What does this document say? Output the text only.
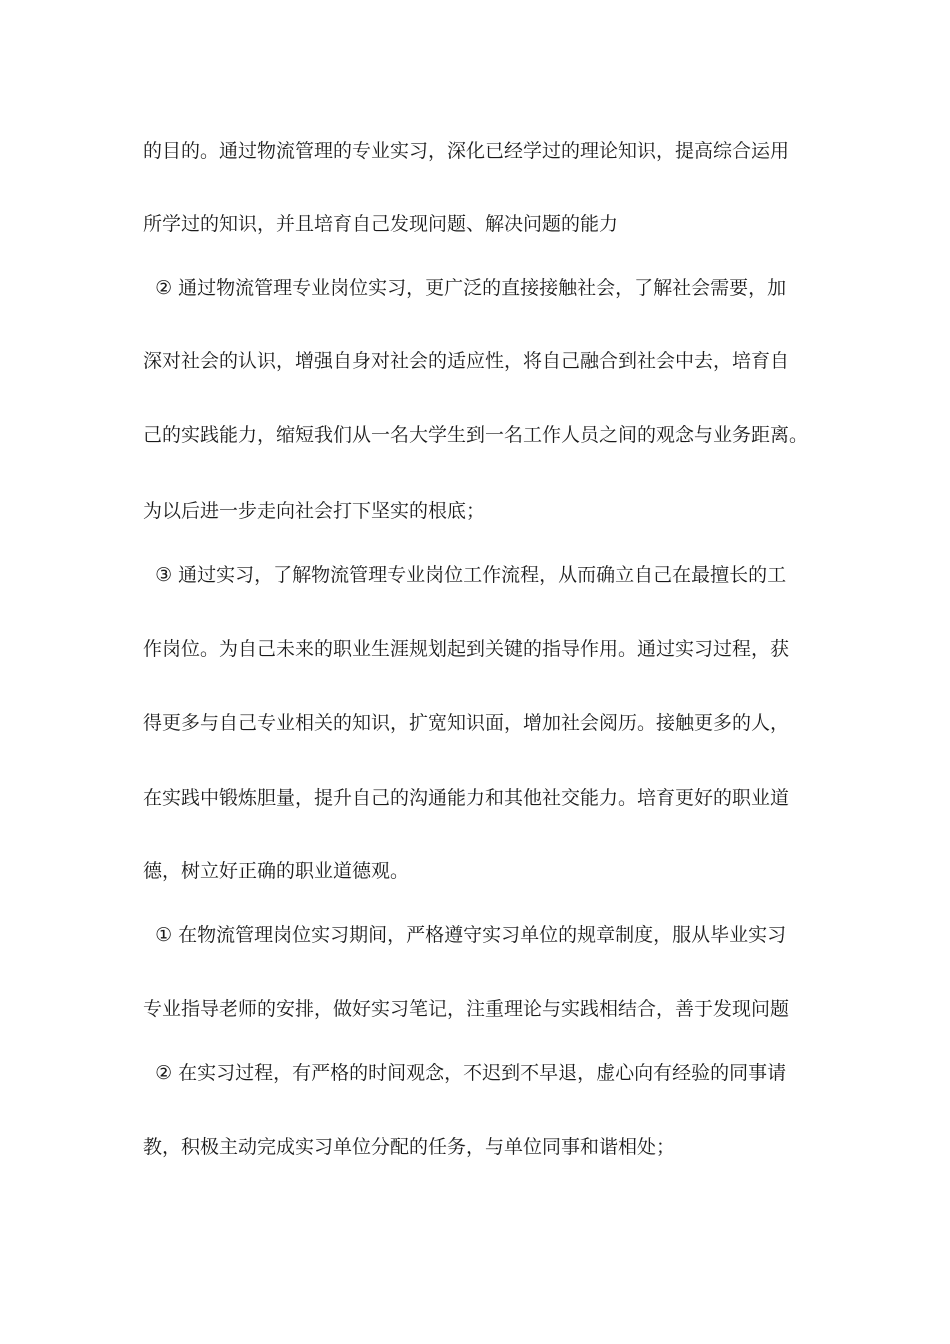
的目的。通过物流管理的专业实习，深化已经学过的理论知识，提高综合运用
所学过的知识，并且培育自己发现问题、解决问题的能力
② 通过物流管理专业岗位实习，更广泛的直接接触社会，了解社会需要，加
深对社会的认识，增强自身对社会的适应性，将自己融合到社会中去，培育自
己的实践能力，缩短我们从一名大学生到一名工作人员之间的观念与业务距离。
为以后进一步走向社会打下坚实的根底；
③ 通过实习，了解物流管理专业岗位工作流程，从而确立自己在最擅长的工
作岗位。为自己未来的职业生涯规划起到关键的指导作用。通过实习过程，获
得更多与自己专业相关的知识，扩宽知识面，增加社会阅历。接触更多的人，
在实践中锻炼胆量，提升自己的沟通能力和其他社交能力。培育更好的职业道
德，树立好正确的职业道德观。
① 在物流管理岗位实习期间，严格遵守实习单位的规章制度，服从毕业实习
专业指导老师的安排，做好实习笔记，注重理论与实践相结合，善于发现问题
② 在实习过程，有严格的时间观念，不迟到不早退，虚心向有经验的同事请
教，积极主动完成实习单位分配的任务，与单位同事和谐相处；
